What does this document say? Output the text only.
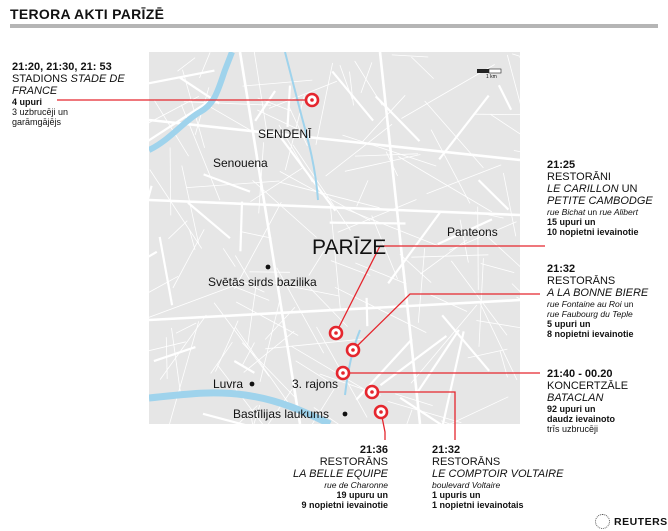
TERORA AKTI PARĪZĒ
PARĪZE
SENDENĪ
Senouena
Panteons
Svētās sirds bazilika
Luvra	3. rajons
Bastīlijas laukums
1 km
21:20, 21:30, 21: 53
STADIONS STADE DE
FRANCE
4 upuri
3 uzbrucēji un garāmgājējs
21:25
RESTORĀNI
LE CARILLON UN
PETITE CAMBODGE
rue Bichat un rue Alibert
15 upuri un
10 nopietni ievainotie
21:32
RESTORĀNS
A LA BONNE BIERE
rue Fontaine au Roi un
rue Faubourg du Teple
5 upuri un
8 nopietni ievainotie
21:40 - 00.20
KONCERTZĀLE
BATACLAN
92 upuri un
daudz ievainoto
trīs uzbrucēji
21:36
RESTORĀNS
LA BELLE EQUIPE
rue de Charonne
19 upuru un
9 nopietni ievainotie
21:32
RESTORĀNS
LE COMPTOIR VOLTAIRE
boulevard Voltaire
1 upuris un
1 nopietni ievainotais
REUTERS
